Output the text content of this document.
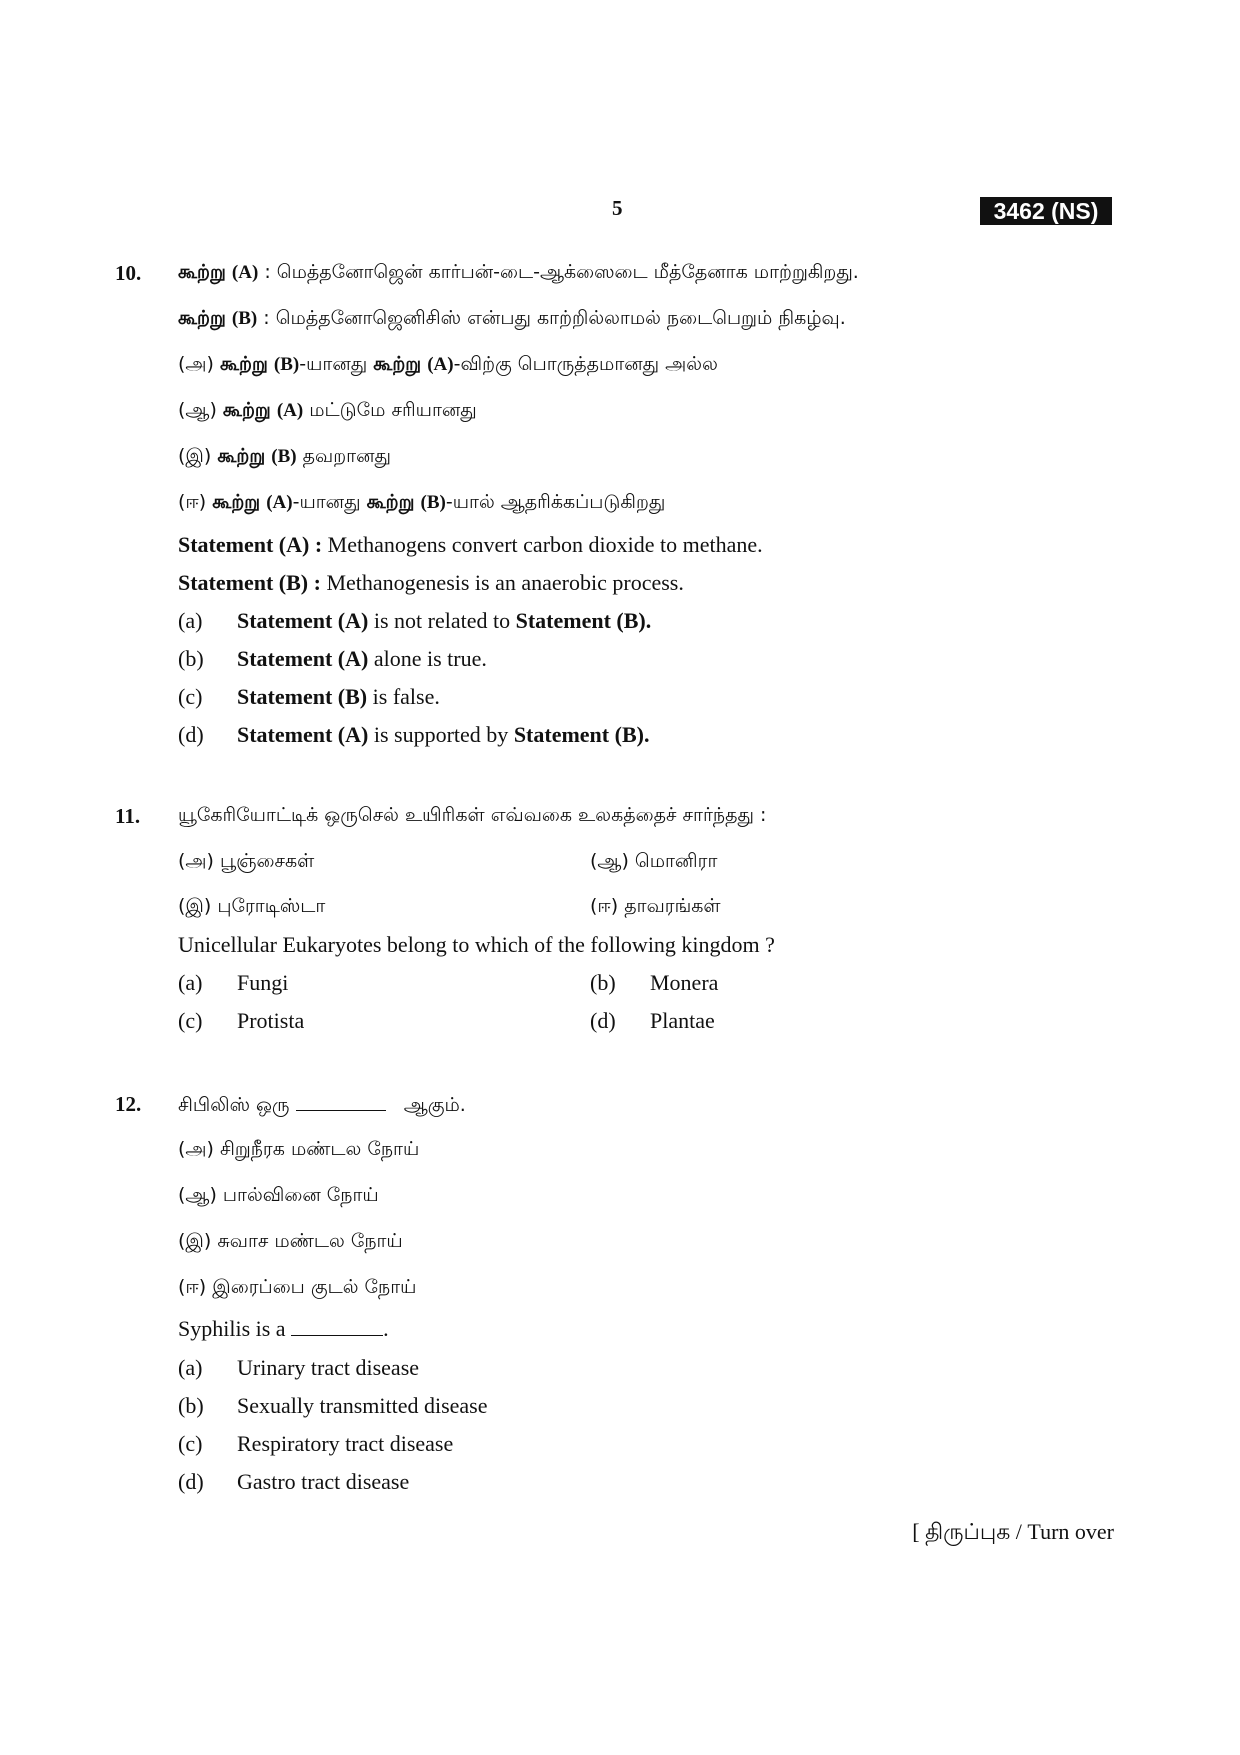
5	3462 (NS)
10. கூற்று (A) : மெத்தனோஜென் கார்பன்-டை-ஆக்ஸைடை மீத்தேனாக மாற்றுகிறது.
கூற்று (B) : மெத்தனோஜெனிசிஸ் என்பது காற்றில்லாமல் நடைபெறும் நிகழ்வு.
(அ) கூற்று (B)-யானது கூற்று (A)-விற்கு பொருத்தமானது அல்ல
(ஆ) கூற்று (A) மட்டுமே சரியானது
(இ) கூற்று (B) தவறானது
(ஈ) கூற்று (A)-யானது கூற்று (B)-யால் ஆதரிக்கப்படுகிறது
Statement (A) : Methanogens convert carbon dioxide to methane.
Statement (B) : Methanogenesis is an anaerobic process.
(a) Statement (A) is not related to Statement (B).
(b) Statement (A) alone is true.
(c) Statement (B) is false.
(d) Statement (A) is supported by Statement (B).
11. யூகேரியோட்டிக் ஒருசெல் உயிரிகள் எவ்வகை உலகத்தைச் சார்ந்தது :
(அ) பூஞ்சைகள்	(ஆ) மொனிரா
(இ) புரோடிஸ்டா	(ஈ) தாவரங்கள்
Unicellular Eukaryotes belong to which of the following kingdom ?
(a) Fungi	(b) Monera
(c) Protista	(d) Plantae
12. சிபிலிஸ் ஒரு	ஆகும்.
(அ) சிறுநீரக மண்டல நோய்
(ஆ) பால்வினை நோய்
(இ) சுவாச மண்டல நோய்
(ஈ) இரைப்பை குடல் நோய்
Syphilis is a	.
(a) Urinary tract disease
(b) Sexually transmitted disease
(c) Respiratory tract disease
(d) Gastro tract disease
[ திருப்புக / Turn over
